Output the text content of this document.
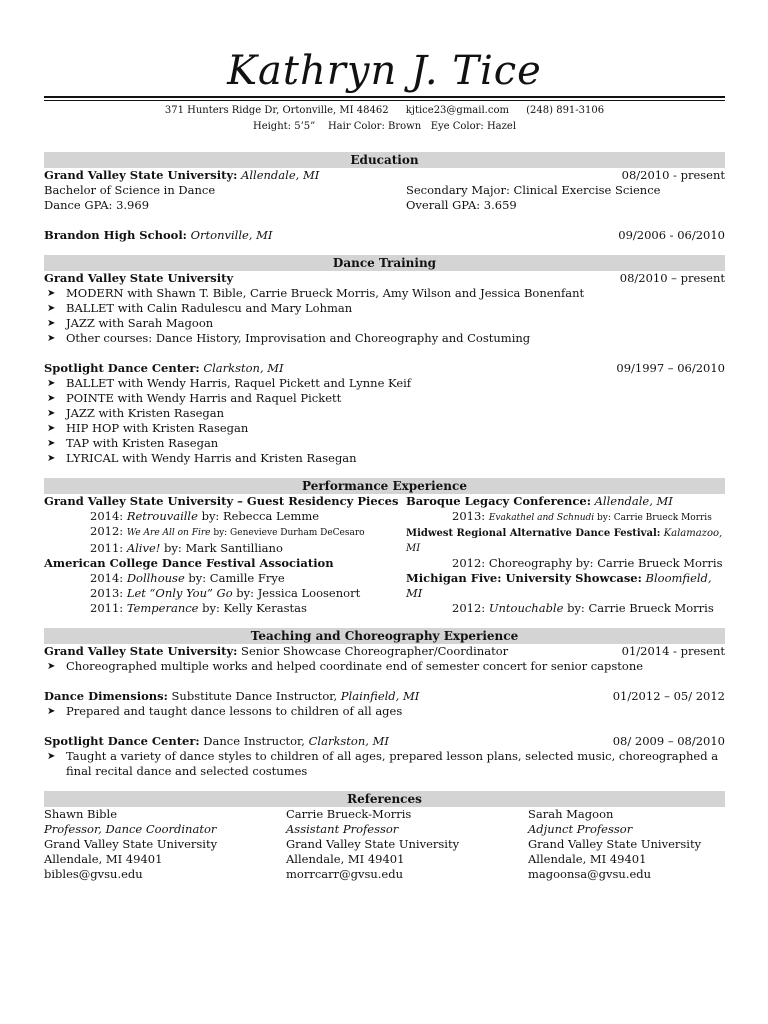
Kathryn J. Tice
371 Hunters Ridge Dr, Ortonville, MI 48462 kjtice23@gmail.com (248) 891-3106
Height: 5’5”    Hair Color: Brown   Eye Color: Hazel
Education
Grand Valley State University: Allendale, MI	08/2010 - present
Bachelor of Science in Dance	Secondary Major: Clinical Exercise Science
Dance GPA: 3.969	Overall GPA: 3.659
Brandon High School: Ortonville, MI	09/2006 - 06/2010
Dance Training
Grand Valley State University	08/2010 – present
➤ MODERN with Shawn T. Bible, Carrie Brueck Morris, Amy Wilson and Jessica Bonenfant
➤ BALLET with Calin Radulescu and Mary Lohman
➤ JAZZ with Sarah Magoon
➤ Other courses: Dance History, Improvisation and Choreography and Costuming
Spotlight Dance Center: Clarkston, MI	09/1997 – 06/2010
➤ BALLET with Wendy Harris, Raquel Pickett and Lynne Keif
➤ POINTE with Wendy Harris and Raquel Pickett
➤ JAZZ with Kristen Rasegan
➤ HIP HOP with Kristen Rasegan
➤ TAP with Kristen Rasegan
➤ LYRICAL with Wendy Harris and Kristen Rasegan
Performance Experience
Grand Valley State University – Guest Residency Pieces
2014: Retrouvaille by: Rebecca Lemme
2012: We Are All on Fire by: Genevieve Durham DeCesaro
2011: Alive! by: Mark Santilliano
American College Dance Festival Association
2014: Dollhouse by: Camille Frye
2013: Let “Only You” Go by: Jessica Loosenort
2011: Temperance by: Kelly Kerastas
Baroque Legacy Conference: Allendale, MI
2013: Evakathel and Schnudi by: Carrie Brueck Morris
Midwest Regional Alternative Dance Festival: Kalamazoo, MI
2012: Choreography by: Carrie Brueck Morris
Michigan Five: University Showcase: Bloomfield, MI
2012: Untouchable by: Carrie Brueck Morris
Teaching and Choreography Experience
Grand Valley State University: Senior Showcase Choreographer/Coordinator	01/2014 - present
➤ Choreographed multiple works and helped coordinate end of semester concert for senior capstone
Dance Dimensions: Substitute Dance Instructor, Plainfield, MI	01/2012 – 05/ 2012
➤ Prepared and taught dance lessons to children of all ages
Spotlight Dance Center: Dance Instructor, Clarkston, MI	08/ 2009 – 08/2010
➤ Taught a variety of dance styles to children of all ages, prepared lesson plans, selected music, choreographed a final recital dance and selected costumes
References
Shawn Bible
Professor, Dance Coordinator
Grand Valley State University
Allendale, MI 49401
bibles@gvsu.edu
Carrie Brueck-Morris
Assistant Professor
Grand Valley State University
Allendale, MI 49401
morrcarr@gvsu.edu
Sarah Magoon
Adjunct Professor
Grand Valley State University
Allendale, MI 49401
magoonsa@gvsu.edu
